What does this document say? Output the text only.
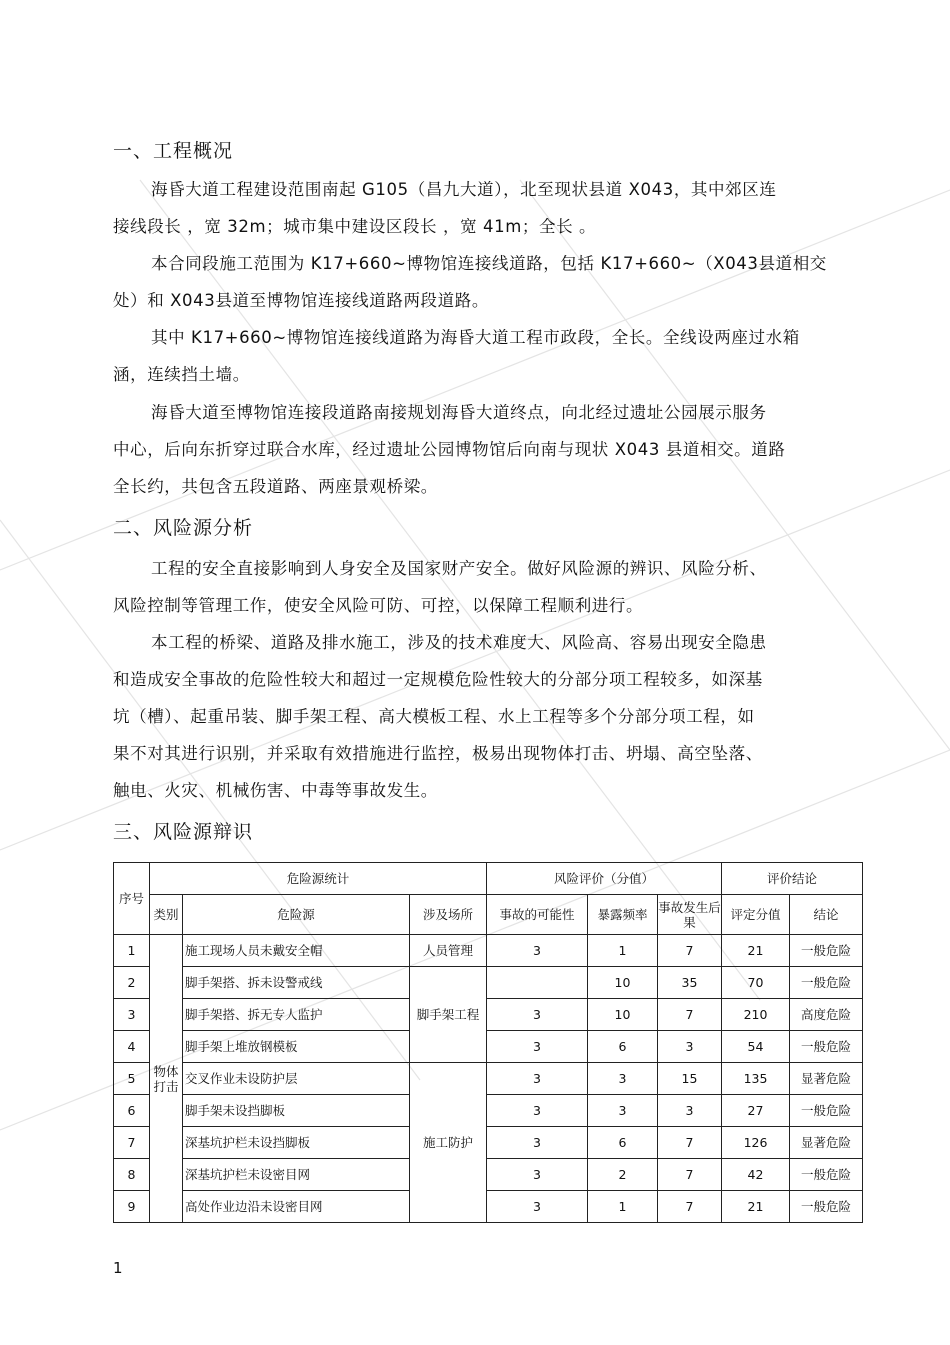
一、工程概况
海昏大道工程建设范围南起 G105（昌九大道），北至现状县道 X043，其中郊区连
接线段长 ，宽 32m；城市集中建设区段长 ，宽 41m；全长 。
本合同段施工范围为 K17+660~博物馆连接线道路，包括 K17+660~（X043县道相交
处）和 X043县道至博物馆连接线道路两段道路。
其中 K17+660~博物馆连接线道路为海昏大道工程市政段，全长。全线设两座过水箱
涵，连续挡土墙。
海昏大道至博物馆连接段道路南接规划海昏大道终点，向北经过遗址公园展示服务
中心，后向东折穿过联合水库，经过遗址公园博物馆后向南与现状 X043 县道相交。道路
全长约，共包含五段道路、两座景观桥梁。
二、风险源分析
工程的安全直接影响到人身安全及国家财产安全。做好风险源的辨识、风险分析、
风险控制等管理工作，使安全风险可防、可控，以保障工程顺利进行。
本工程的桥梁、道路及排水施工，涉及的技术难度大、风险高、容易出现安全隐患
和造成安全事故的危险性较大和超过一定规模危险性较大的分部分项工程较多，如深基
坑（槽）、起重吊装、脚手架工程、高大模板工程、水上工程等多个分部分项工程，如
果不对其进行识别，并采取有效措施进行监控，极易出现物体打击、坍塌、高空坠落、
触电、火灾、机械伤害、中毒等事故发生。
三、风险源辩识
序号	危险源统计			风险评价（分值）			评价结论	
	类别	危险源	涉及场所	事故的可能性	暴露频率	事故发生后果	评定分值	结论
1	物体打击	施工现场人员未戴安全帽	人员管理	3	1	7	21	一般危险
2		脚手架搭、拆未设警戒线	脚手架工程		10	35	70	一般危险
3		脚手架搭、拆无专人监护		3	10	7	210	高度危险
4		脚手架上堆放钢模板		3	6	3	54	一般危险
5		交叉作业未设防护层	施工防护	3	3	15	135	显著危险
6		脚手架未设挡脚板		3	3	3	27	一般危险
7		深基坑护栏未设挡脚板		3	6	7	126	显著危险
8		深基坑护栏未设密目网		3	2	7	42	一般危险
9		高处作业边沿未设密目网		3	1	7	21	一般危险
1
